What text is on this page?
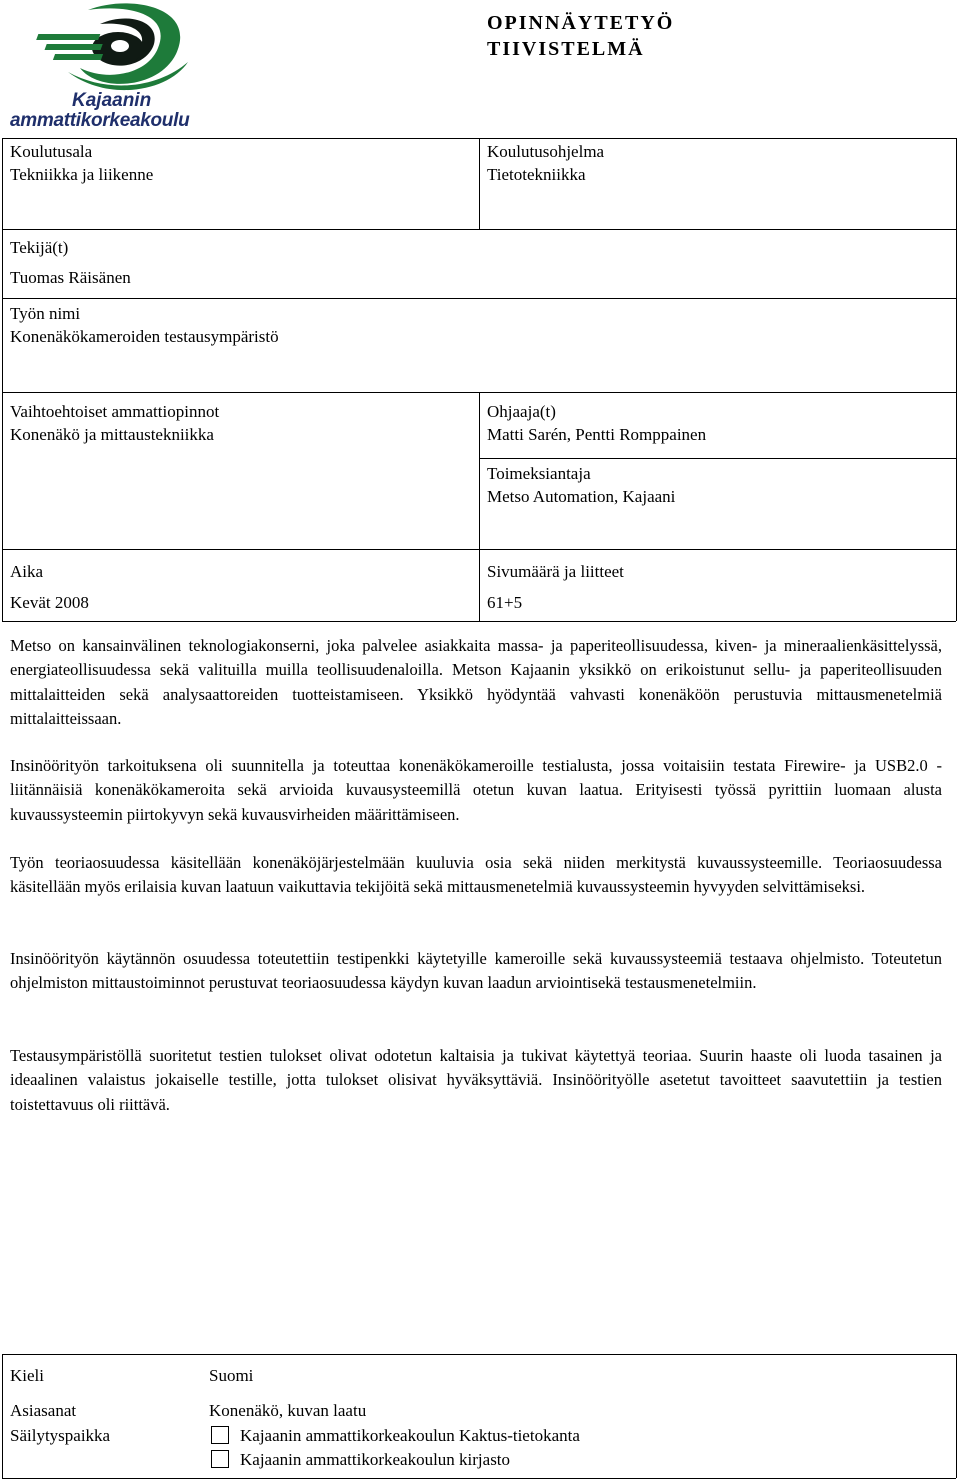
Kajaanin
ammattikorkeakoulu
OPINNÄYTETYÖ
TIIVISTELMÄ
Koulutusala
Tekniikka ja liikenne
Koulutusohjelma
Tietotekniikka
Tekijä(t)
Tuomas Räisänen
Työn nimi
Konenäkökameroiden testausympäristö
Vaihtoehtoiset ammattiopinnot
Konenäkö ja mittaustekniikka
Ohjaaja(t)
Matti Sarén, Pentti Romppainen
Toimeksiantaja
Metso Automation, Kajaani
Aika
Kevät 2008
Sivumäärä ja liitteet
61+5
Metso on kansainvälinen teknologiakonserni, joka palvelee asiakkaita massa- ja paperiteollisuudessa, kiven- ja mineraalienkäsittelyssä, energiateollisuudessa sekä valituilla muilla teollisuudenaloilla. Metson Kajaanin yksikkö on erikoistunut sellu- ja paperiteollisuuden mittalaitteiden sekä analysaattoreiden tuotteistamiseen. Yksikkö hyödyntää vahvasti konenäköön perustuvia mittausmenetelmiä mittalaitteissaan.
Insinöörityön tarkoituksena oli suunnitella ja toteuttaa konenäkökameroille testialusta, jossa voitaisiin testata Firewire- ja USB2.0 -liitännäisiä konenäkökameroita sekä arvioida kuvausysteemillä otetun kuvan laatua. Erityisesti työssä pyrittiin luomaan alusta kuvaussysteemin piirtokyvyn sekä kuvausvirheiden määrittämiseen.
Työn teoriaosuudessa käsitellään konenäköjärjestelmään kuuluvia osia sekä niiden merkitystä kuvaussysteemille. Teoriaosuudessa käsitellään myös erilaisia kuvan laatuun vaikuttavia tekijöitä sekä mittausmenetelmiä kuvaussysteemin hyvyyden selvittämiseksi.
Insinöörityön käytännön osuudessa toteutettiin testipenkki käytetyille kameroille sekä kuvaussysteemiä testaava ohjelmisto. Toteutetun ohjelmiston mittaustoiminnot perustuvat teoriaosuudessa käydyn kuvan laadun arviointisekä testausmenetelmiin.
Testausympäristöllä suoritetut testien tulokset olivat odotetun kaltaisia ja tukivat käytettyä teoriaa. Suurin haaste oli luoda tasainen ja ideaalinen valaistus jokaiselle testille, jotta tulokset olisivat hyväksyttäviä. Insinöörityölle asetetut tavoitteet saavutettiin ja testien toistettavuus oli riittävä.
Kieli	Suomi
Asiasanat	Konenäkö, kuvan laatu
Säilytyspaikka	Kajaanin ammattikorkeakoulun Kaktus-tietokanta
Kajaanin ammattikorkeakoulun kirjasto
